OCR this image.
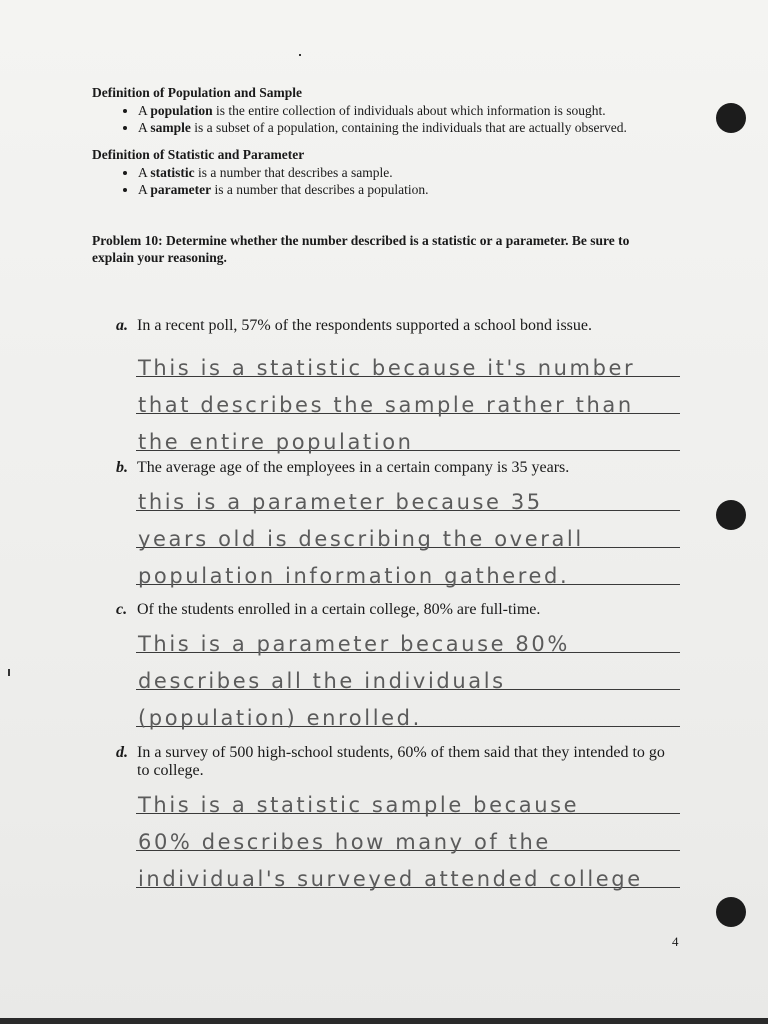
Definition of Population and Sample

• A population is the entire collection of individuals about which information is sought.
• A sample is a subset of a population, containing the individuals that are actually observed.

Definition of Statistic and Parameter

• A statistic is a number that describes a sample.
• A parameter is a number that describes a population.
Problem 10: Determine whether the number described is a statistic or a parameter. Be sure to explain your reasoning.
a. In a recent poll, 57% of the respondents supported a school bond issue.
This is a statistic because it's number
that describes the sample rather than
the entire population
b. The average age of the employees in a certain company is 35 years.
this is a parameter because 35
years old is describing the overall
population information gathered.
c. Of the students enrolled in a certain college, 80% are full-time.
This is a parameter because 80%
describes all the individuals
(population) enrolled.
d. In a survey of 500 high-school students, 60% of them said that they intended to go to college.
This is a statistic sample because
60% describes how many of the
individual's surveyed attended college
4
